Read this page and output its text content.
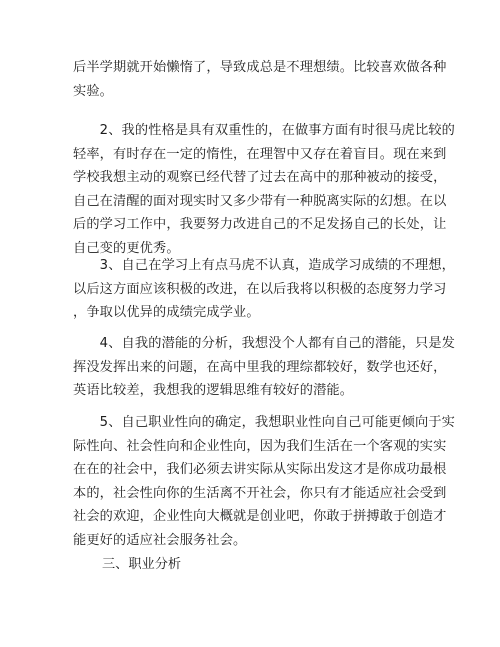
后半学期就开始懒惰了，导致成总是不理想绩。比较喜欢做各种
实验。

　　2、我的性格是具有双重性的，在做事方面有时很马虎比较的
轻率，有时存在一定的惰性，在理智中又存在着盲目。现在来到
学校我想主动的观察已经代替了过去在高中的那种被动的接受，
自己在清醒的面对现实时又多少带有一种脱离实际的幻想。在以
后的学习工作中，我要努力改进自己的不足发扬自己的长处，让
自己变的更优秀。

　　3、自己在学习上有点马虎不认真，造成学习成绩的不理想，
以后这方面应该积极的改进，在以后我将以积极的态度努力学习
，争取以优异的成绩完成学业。

　　4、自我的潜能的分析，我想没个人都有自己的潜能，只是发
挥没发挥出来的问题，在高中里我的理综都较好，数学也还好，
英语比较差，我想我的逻辑思维有较好的潜能。

　　5、自己职业性向的确定，我想职业性向自己可能更倾向于实
际性向、社会性向和企业性向，因为我们生活在一个客观的实实
在在的社会中，我们必须去讲实际从实际出发这才是你成功最根
本的，社会性向你的生活离不开社会，你只有才能适应社会受到
社会的欢迎，企业性向大概就是创业吧，你敢于拼搏敢于创造才
能更好的适应社会服务社会。

三、职业分析
